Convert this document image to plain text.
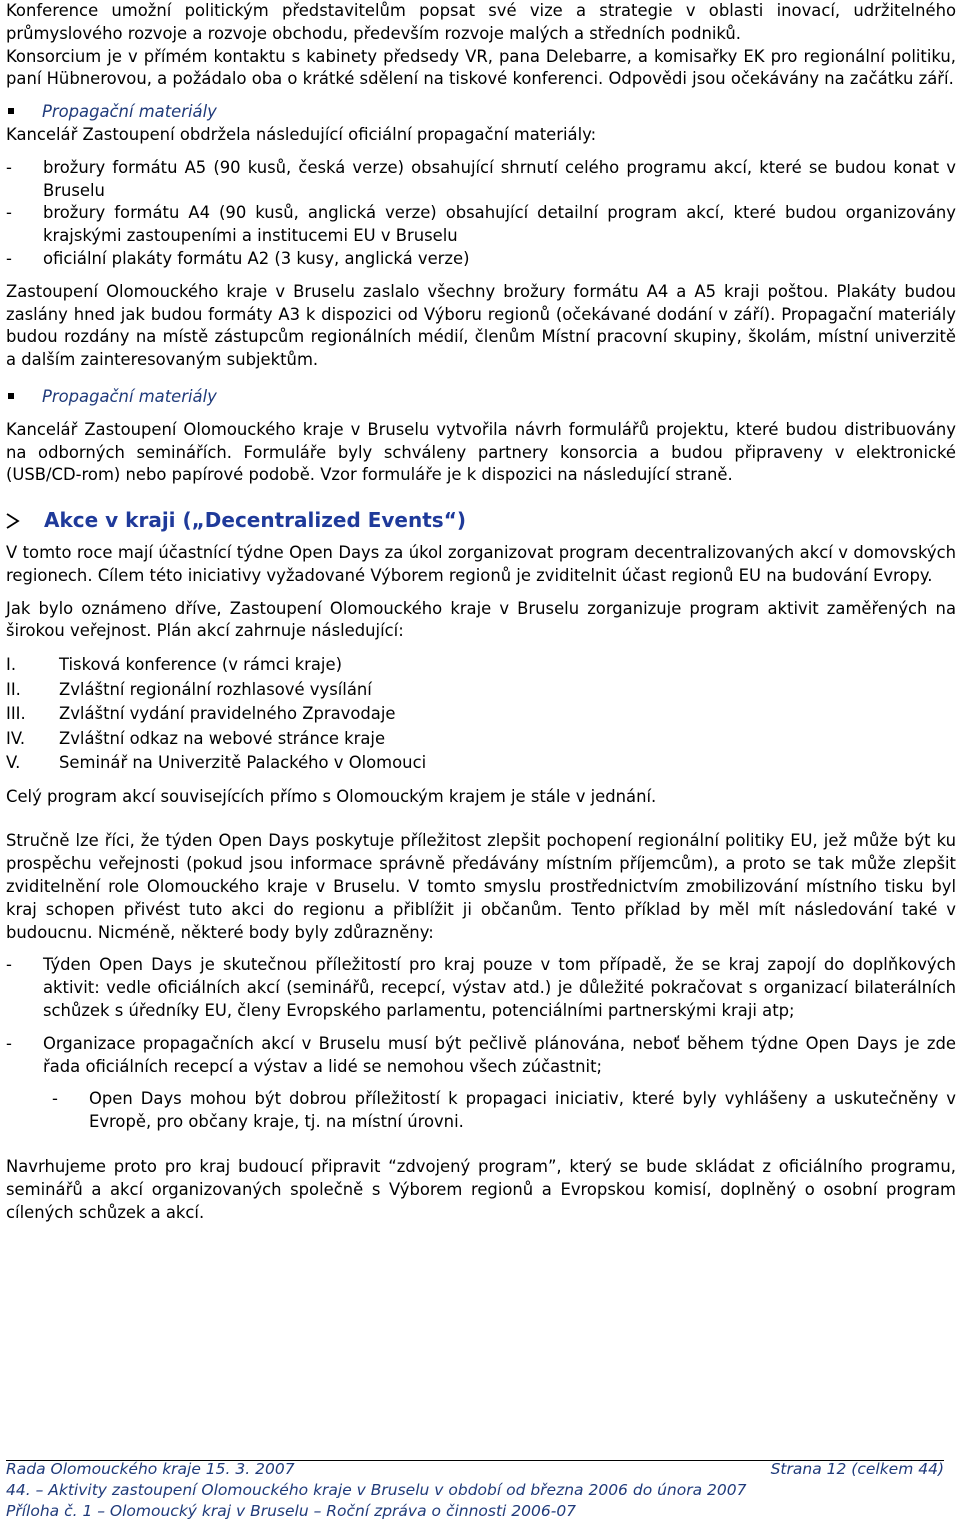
Konference umožní politickým představitelům popsat své vize a strategie v oblasti inovací, udržitelného průmyslového rozvoje a rozvoje obchodu, především rozvoje malých a středních podniků.

Konsorcium je v přímém kontaktu s kabinety předsedy VR, pana Delebarre, a komisařky EK pro regionální politiku, paní Hübnerovou, a požádalo oba o krátké sdělení na tiskové konferenci. Odpovědi jsou očekávány na začátku září.

Propagační materiály

Kancelář Zastoupení obdržela následující oficiální propagační materiály:

-	brožury formátu A5 (90 kusů, česká verze) obsahující shrnutí celého programu akcí, které se budou konat v Bruselu
-	brožury formátu A4 (90 kusů, anglická verze) obsahující detailní program akcí, které budou organizovány krajskými zastoupeními a institucemi EU v Bruselu
-	oficiální plakáty formátu A2 (3 kusy, anglická verze)

Zastoupení Olomouckého kraje v Bruselu zaslalo všechny brožury formátu A4 a A5 kraji poštou. Plakáty budou zaslány hned jak budou formáty A3 k dispozici od Výboru regionů (očekávané dodání v září). Propagační materiály budou rozdány na místě zástupcům regionálních médií, členům Místní pracovní skupiny, školám, místní univerzitě a dalším zainteresovaným subjektům.

Propagační materiály

Kancelář Zastoupení Olomouckého kraje v Bruselu vytvořila návrh formulářů projektu, které budou distribuovány na odborných seminářích. Formuláře byly schváleny partnery konsorcia a budou připraveny v elektronické (USB/CD-rom) nebo papírové podobě. Vzor formuláře je k dispozici na následující straně.

Akce v kraji („Decentralized Events“)

V tomto roce mají účastnící týdne Open Days za úkol zorganizovat program decentralizovaných akcí v domovských regionech. Cílem této iniciativy vyžadované Výborem regionů je zviditelnit účast regionů EU na budování Evropy.

Jak bylo oznámeno dříve, Zastoupení Olomouckého kraje v Bruselu zorganizuje program aktivit zaměřených na širokou veřejnost. Plán akcí zahrnuje následující:

I.	Tisková konference (v rámci kraje)
II.	Zvláštní regionální rozhlasové vysílání
III.	Zvláštní vydání pravidelného Zpravodaje
IV.	Zvláštní odkaz na webové stránce kraje
V.	Seminář na Univerzitě Palackého v Olomouci

Celý program akcí souvisejících přímo s Olomouckým krajem je stále v jednání.

Stručně lze říci, že týden Open Days poskytuje příležitost zlepšit pochopení regionální politiky EU, jež může být ku prospěchu veřejnosti (pokud jsou informace správně předávány místním příjemcům), a proto se tak může zlepšit zviditelnění role Olomouckého kraje v Bruselu. V tomto smyslu prostřednictvím zmobilizování místního tisku byl kraj schopen přivést tuto akci do regionu a přiblížit ji občanům. Tento příklad by měl mít následování také v budoucnu. Nicméně, některé body byly zdůrazněny:

-	Týden Open Days je skutečnou příležitostí pro kraj pouze v tom případě, že se kraj zapojí do doplňkových aktivit: vedle oficiálních akcí (seminářů, recepcí, výstav atd.) je důležité pokračovat s organizací bilaterálních schůzek s úředníky EU, členy Evropského parlamentu, potenciálními partnerskými kraji atp;
-	Organizace propagačních akcí v Bruselu musí být pečlivě plánována, neboť během týdne Open Days je zde řada oficiálních recepcí a výstav a lidé se nemohou všech zúčastnit;
-	Open Days mohou být dobrou příležitostí k propagaci iniciativ, které byly vyhlášeny a uskutečněny v Evropě, pro občany kraje, tj. na místní úrovni.

Navrhujeme proto pro kraj budoucí připravit “zdvojený program”, který se bude skládat z oficiálního programu, seminářů a akcí organizovaných společně s Výborem regionů a Evropskou komisí, doplněný o osobní program cílených schůzek a akcí.

Rada Olomouckého kraje 15. 3. 2007	Strana 12 (celkem 44)
44. – Aktivity zastoupení Olomouckého kraje v Bruselu v období od března 2006 do února 2007
Příloha č. 1 – Olomoucký kraj v Bruselu – Roční zpráva o činnosti 2006-07
